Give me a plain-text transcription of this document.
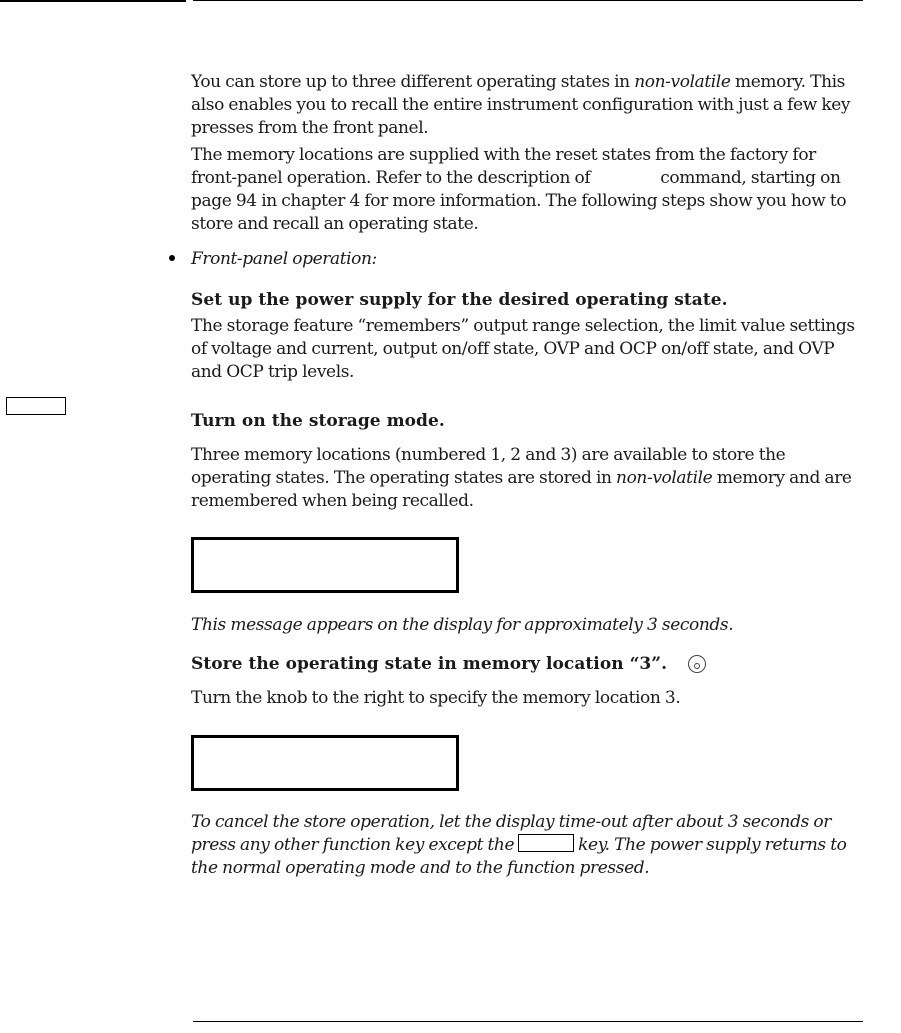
You can store up to three different operating states in non-volatile memory. This also enables you to recall the entire instrument configuration with just a few key presses from the front panel.

The memory locations are supplied with the reset states from the factory for front-panel operation. Refer to the description of	command, starting on page 94 in chapter 4 for more information. The following steps show you how to store and recall an operating state.

Front-panel operation:

Set up the power supply for the desired operating state.

The storage feature “remembers” output range selection, the limit value settings of voltage and current, output on/off state, OVP and OCP on/off state, and OVP and OCP trip levels.

Turn on the storage mode.

Three memory locations (numbered 1, 2 and 3) are available to store the operating states. The operating states are stored in non-volatile memory and are remembered when being recalled.

This message appears on the display for approximately 3 seconds.

Store the operating state in memory location “3”.

Turn the knob to the right to specify the memory location 3.

To cancel the store operation, let the display time-out after about 3 seconds or press any other function key except the	key. The power supply returns to the normal operating mode and to the function pressed.
